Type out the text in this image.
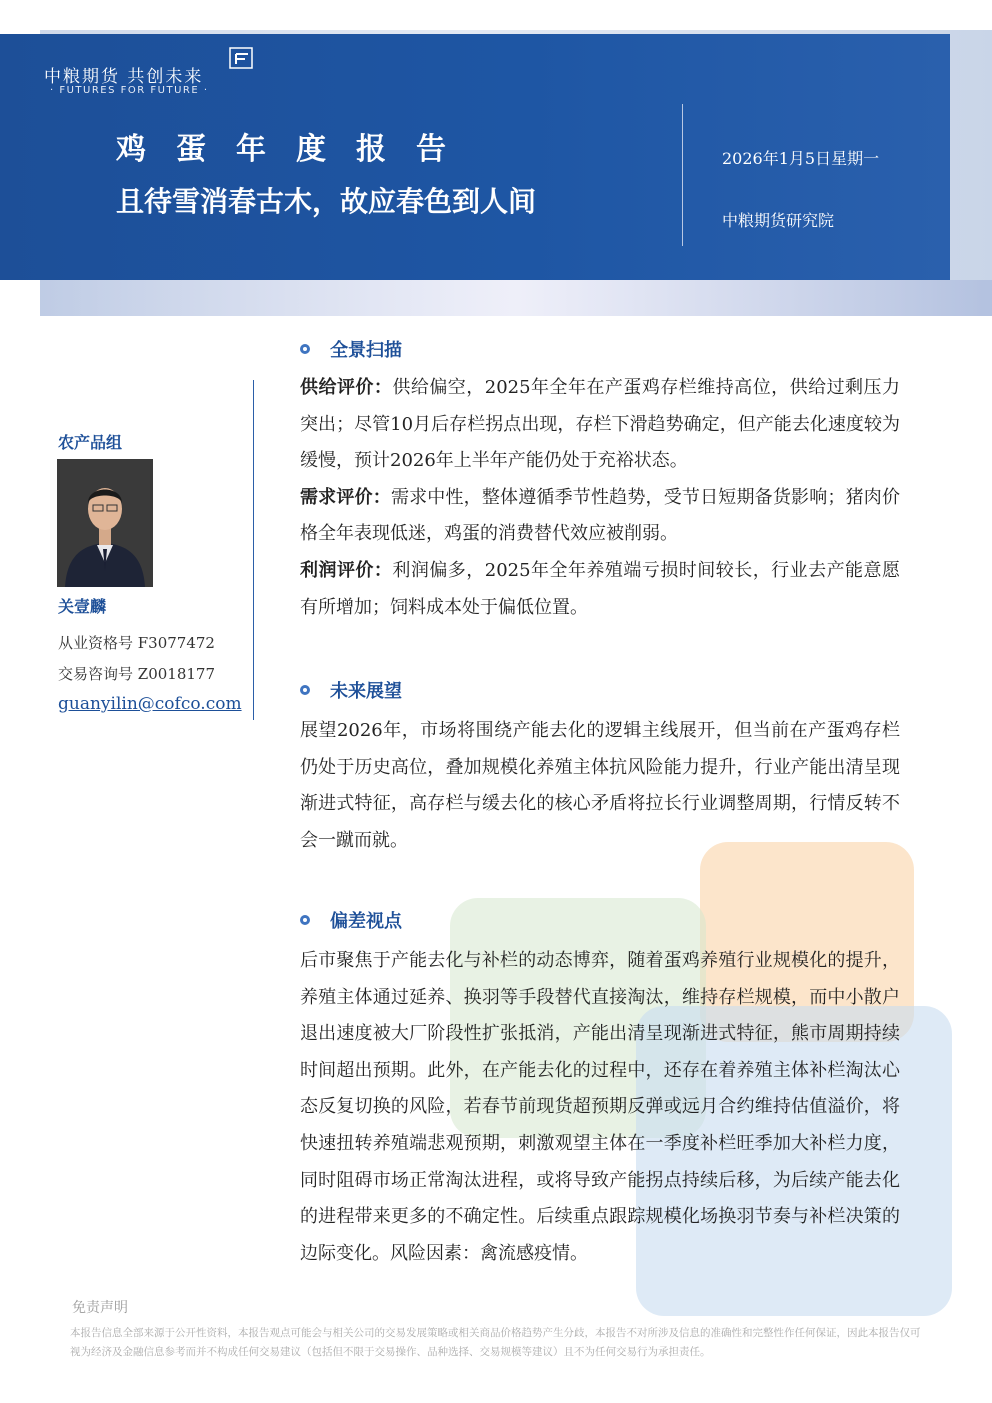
中粮期货 共创未来
· FUTURES FOR FUTURE ·
鸡蛋年度报告
且待雪消春古木，故应春色到人间
2026年1月5日星期一
中粮期货研究院
农产品组
关壹麟
从业资格号 F3077472
交易咨询号 Z0018177
guanyilin@cofco.com
全景扫描
供给评价：供给偏空，2025年全年在产蛋鸡存栏维持高位，供给过剩压力突出；尽管10月后存栏拐点出现，存栏下滑趋势确定，但产能去化速度较为缓慢，预计2026年上半年产能仍处于充裕状态。
需求评价：需求中性，整体遵循季节性趋势，受节日短期备货影响；猪肉价格全年表现低迷，鸡蛋的消费替代效应被削弱。
利润评价：利润偏多，2025年全年养殖端亏损时间较长，行业去产能意愿有所增加；饲料成本处于偏低位置。
未来展望
展望2026年，市场将围绕产能去化的逻辑主线展开，但当前在产蛋鸡存栏仍处于历史高位，叠加规模化养殖主体抗风险能力提升，行业产能出清呈现渐进式特征，高存栏与缓去化的核心矛盾将拉长行业调整周期，行情反转不会一蹴而就。
偏差视点
后市聚焦于产能去化与补栏的动态博弈，随着蛋鸡养殖行业规模化的提升，养殖主体通过延养、换羽等手段替代直接淘汰，维持存栏规模，而中小散户退出速度被大厂阶段性扩张抵消，产能出清呈现渐进式特征，熊市周期持续时间超出预期。此外，在产能去化的过程中，还存在着养殖主体补栏淘汰心态反复切换的风险，若春节前现货超预期反弹或远月合约维持估值溢价，将快速扭转养殖端悲观预期，刺激观望主体在一季度补栏旺季加大补栏力度，同时阻碍市场正常淘汰进程，或将导致产能拐点持续后移，为后续产能去化的进程带来更多的不确定性。后续重点跟踪规模化场换羽节奏与补栏决策的边际变化。风险因素：禽流感疫情。
免责声明
本报告信息全部来源于公开性资料，本报告观点可能会与相关公司的交易发展策略或相关商品价格趋势产生分歧，本报告不对所涉及信息的准确性和完整性作任何保证，因此本报告仅可视为经济及金融信息参考而并不构成任何交易建议（包括但不限于交易操作、品种选择、交易规模等建议）且不为任何交易行为承担责任。
